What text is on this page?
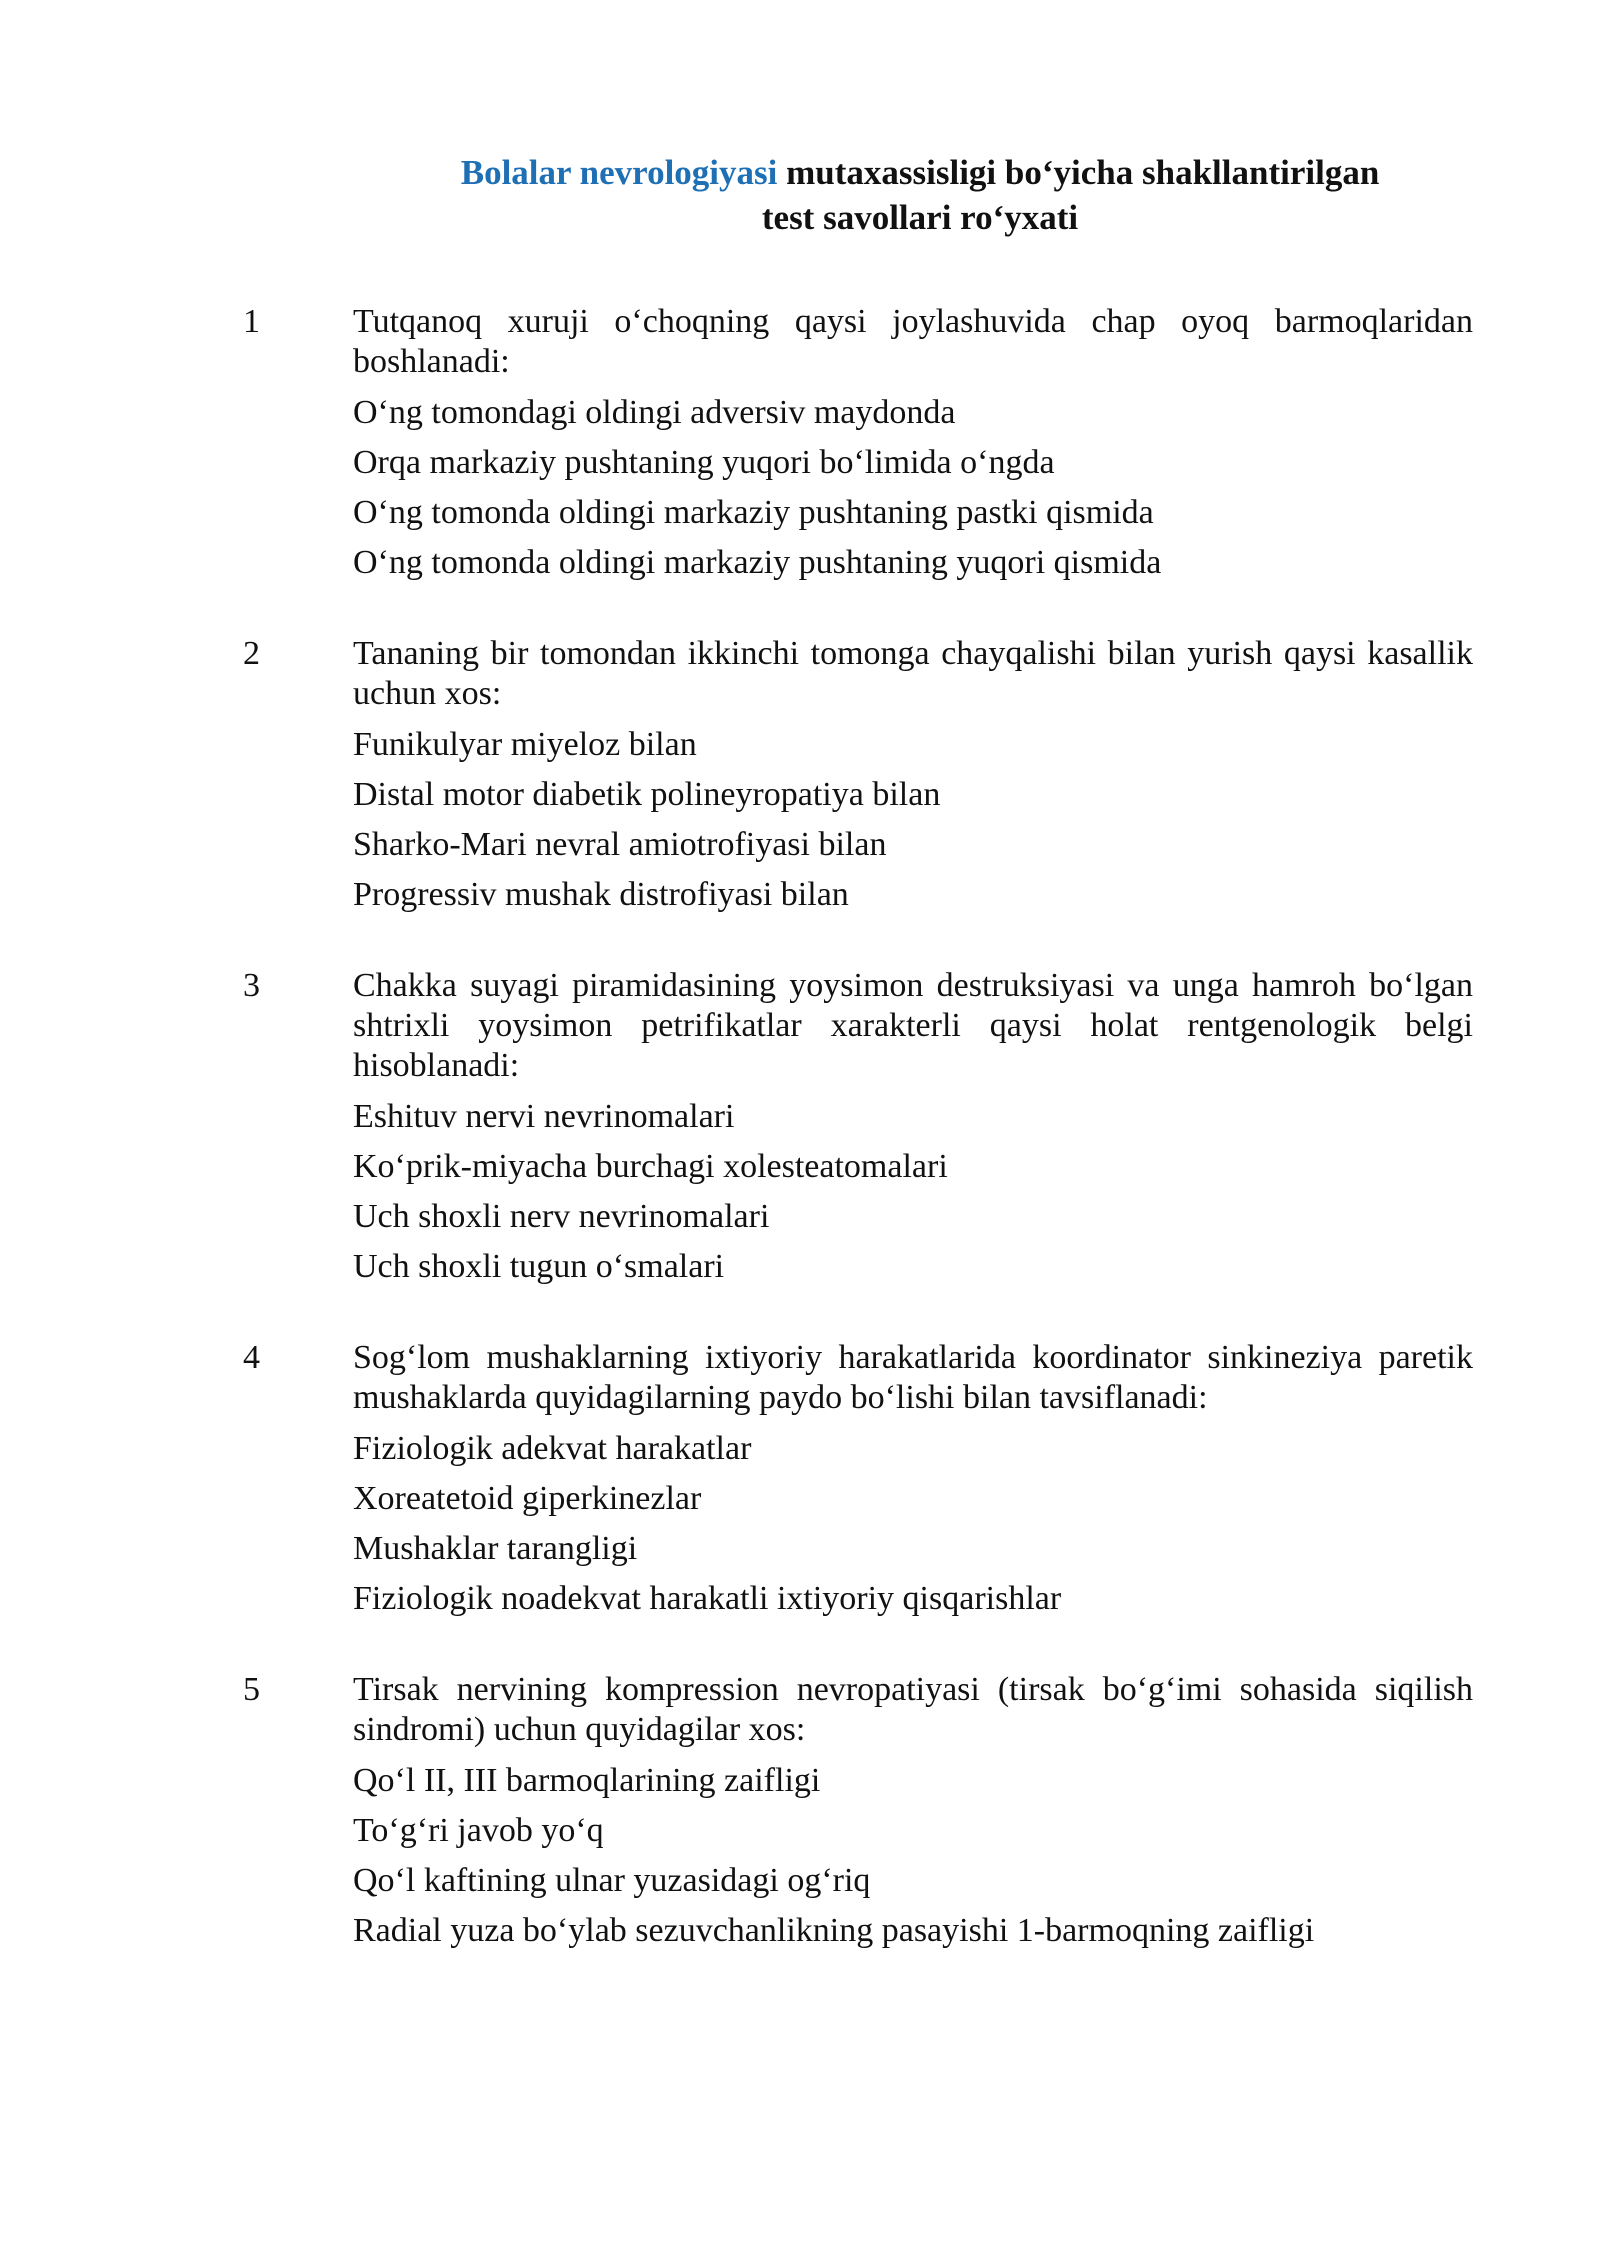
Bolalar nevrologiyasi mutaxassisligi bo‘yicha shakllantirilgan
test savollari ro‘yxati
1	Tutqanoq xuruji o‘choqning qaysi joylashuvida chap oyoq barmoqlaridan boshlanadi:
O‘ng tomondagi oldingi adversiv maydonda
Orqa markaziy pushtaning yuqori bo‘limida o‘ngda
O‘ng tomonda oldingi markaziy pushtaning pastki qismida
O‘ng tomonda oldingi markaziy pushtaning yuqori qismida
2	Tananing bir tomondan ikkinchi tomonga chayqalishi bilan yurish qaysi kasallik uchun xos:
Funikulyar miyeloz bilan
Distal motor diabetik polineyropatiya bilan
Sharko-Mari nevral amiotrofiyasi bilan
Progressiv mushak distrofiyasi bilan
3	Chakka suyagi piramidasining yoysimon destruksiyasi va unga hamroh bo‘lgan shtrixli yoysimon petrifikatlar xarakterli qaysi holat rentgenologik belgi hisoblanadi:
Eshituv nervi nevrinomalari
Ko‘prik-miyacha burchagi xolesteatomalari
Uch shoxli nerv nevrinomalari
Uch shoxli tugun o‘smalari
4	Sog‘lom mushaklarning ixtiyoriy harakatlarida koordinator sinkineziya paretik mushaklarda quyidagilarning paydo bo‘lishi bilan tavsiflanadi:
Fiziologik adekvat harakatlar
Xoreatetoid giperkinezlar
Mushaklar tarangligi
Fiziologik noadekvat harakatli ixtiyoriy qisqarishlar
5	Tirsak nervining kompression nevropatiyasi (tirsak bo‘g‘imi sohasida siqilish sindromi) uchun quyidagilar xos:
Qo‘l II, III barmoqlarining zaifligi
To‘g‘ri javob yo‘q
Qo‘l kaftining ulnar yuzasidagi og‘riq
Radial yuza bo‘ylab sezuvchanlikning pasayishi 1-barmoqning zaifligi
